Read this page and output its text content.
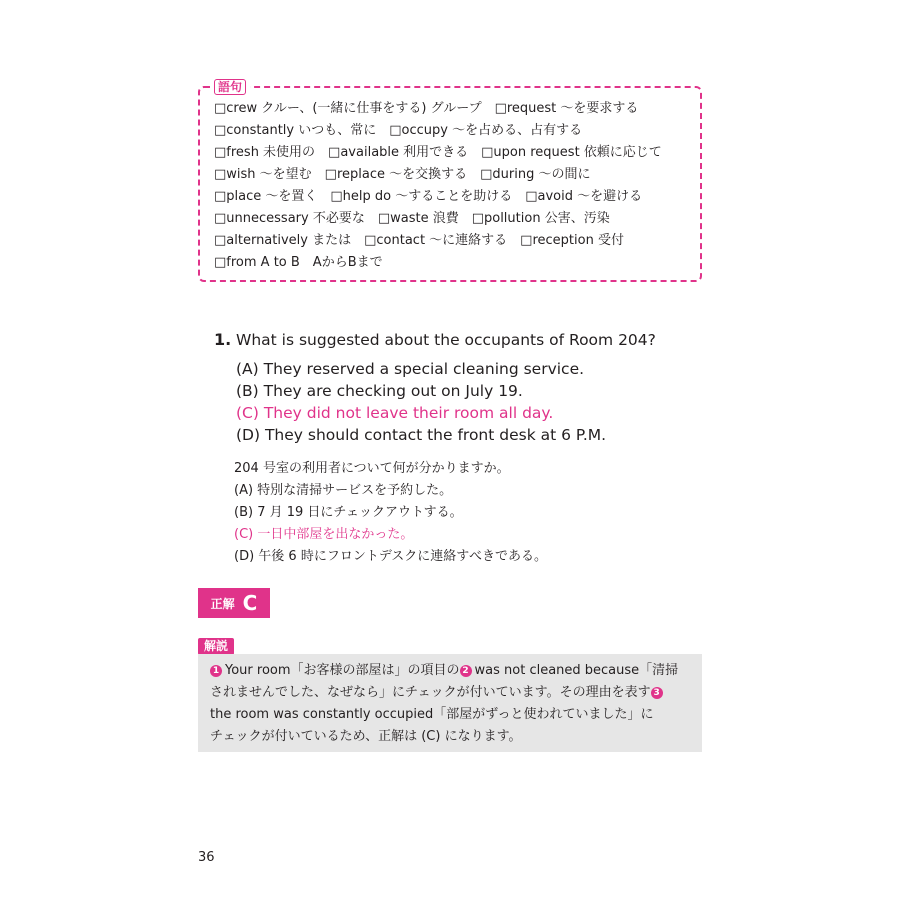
語句
□crew クルー、(一緒に仕事をする) グループ　□request ～を要求する
□constantly いつも、常に　□occupy ～を占める、占有する
□fresh 未使用の　□available 利用できる　□upon request 依頼に応じて
□wish ～を望む　□replace ～を交換する　□during ～の間に
□place ～を置く　□help do ～することを助ける　□avoid ～を避ける
□unnecessary 不必要な　□waste 浪費　□pollution 公害、汚染
□alternatively または　□contact ～に連絡する　□reception 受付
□from A to B　AからBまで
1. What is suggested about the occupants of Room 204?
(A) They reserved a special cleaning service.
(B) They are checking out on July 19.
(C) They did not leave their room all day.
(D) They should contact the front desk at 6 P.M.
204 号室の利用者について何が分かりますか。
(A) 特別な清掃サービスを予約した。
(B) 7 月 19 日にチェックアウトする。
(C) 一日中部屋を出なかった。
(D) 午後 6 時にフロントデスクに連絡すべきである。
正解 C
解説
1 Your room「お客様の部屋は」の項目の 2 was not cleaned because「清掃
されませんでした、なぜなら」にチェックが付いています。その理由を表す 3
the room was constantly occupied「部屋がずっと使われていました」に
チェックが付いているため、正解は (C) になります。
36
